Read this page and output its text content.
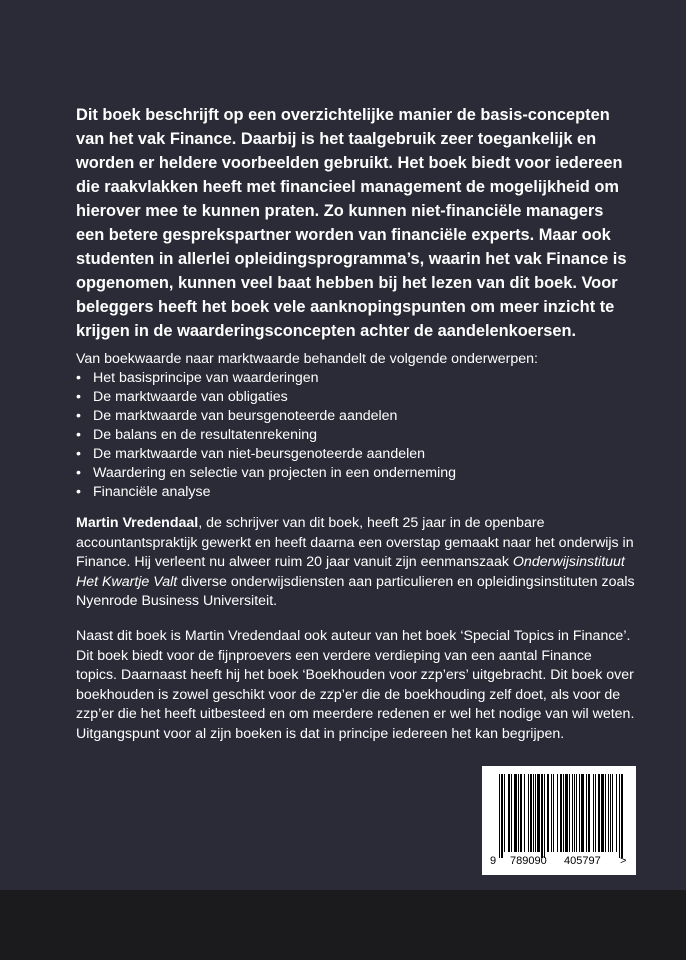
Dit boek beschrijft op een overzichtelijke manier de basis-concepten van het vak Finance. Daarbij is het taalgebruik zeer toegankelijk en worden er heldere voorbeelden gebruikt. Het boek biedt voor iedereen die raakvlakken heeft met financieel management de mogelijkheid om hierover mee te kunnen praten. Zo kunnen niet-financiële managers een betere gesprekspartner worden van financiële experts. Maar ook studenten in allerlei opleidingsprogramma’s, waarin het vak Finance is opgenomen, kunnen veel baat hebben bij het lezen van dit boek. Voor beleggers heeft het boek vele aanknopingspunten om meer inzicht te krijgen in de waarderingsconcepten achter de aandelenkoersen.

Van boekwaarde naar marktwaarde behandelt de volgende onderwerpen:
• Het basisprincipe van waarderingen
• De marktwaarde van obligaties
• De marktwaarde van beursgenoteerde aandelen
• De balans en de resultatenrekening
• De marktwaarde van niet-beursgenoteerde aandelen
• Waardering en selectie van projecten in een onderneming
• Financiële analyse

Martin Vredendaal, de schrijver van dit boek, heeft 25 jaar in de openbare accountantspraktijk gewerkt en heeft daarna een overstap gemaakt naar het onderwijs in Finance. Hij verleent nu alweer ruim 20 jaar vanuit zijn eenmanszaak Onderwijsinstituut Het Kwartje Valt diverse onderwijsdiensten aan particulieren en opleidingsinstituten zoals Nyenrode Business Universiteit.

Naast dit boek is Martin Vredendaal ook auteur van het boek ‘Special Topics in Finance’. Dit boek biedt voor de fijnproevers een verdere verdieping van een aantal Finance topics. Daarnaast heeft hij het boek ‘Boekhouden voor zzp’ers’ uitgebracht. Dit boek over boekhouden is zowel geschikt voor de zzp’er die de boekhouding zelf doet, als voor de zzp’er die het heeft uitbesteed en om meerdere redenen er wel het nodige van wil weten. Uitgangspunt voor al zijn boeken is dat in principe iedereen het kan begrijpen.

9 789090 405797 >
